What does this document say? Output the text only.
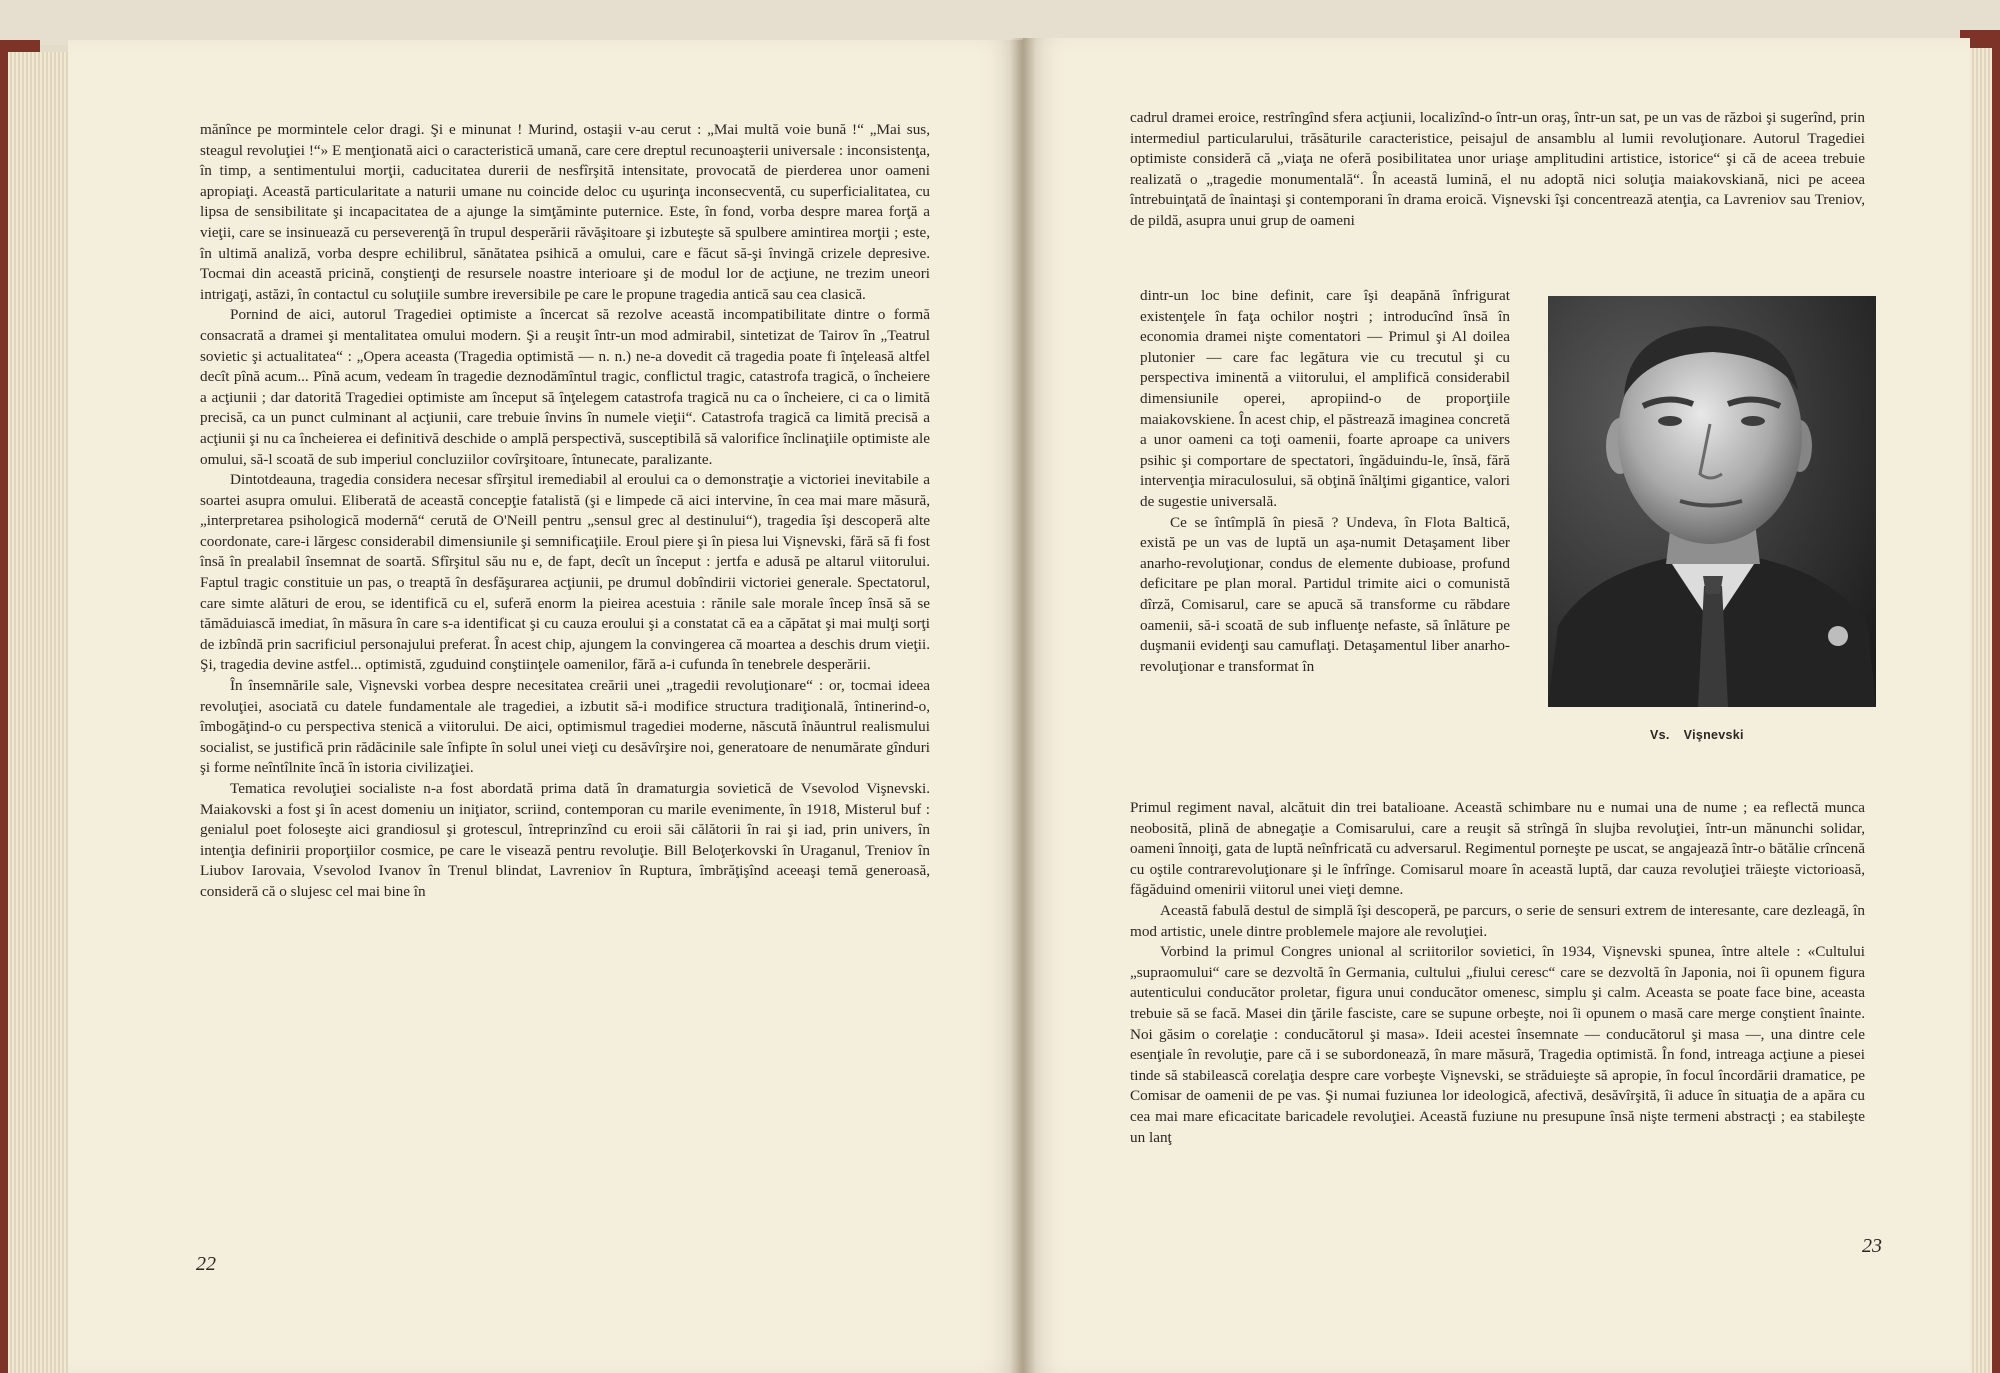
mănînce pe mormintele celor dragi. Şi e minunat ! Murind, ostaşii v-au cerut : „Mai multă voie bună !“ „Mai sus, steagul revoluţiei !“» E menţionată aici o caracteristică umană, care cere dreptul recunoaşterii universale : inconsistenţa, în timp, a sentimentului morţii, caducitatea durerii de nesfîrşită intensitate, provocată de pierderea unor oameni apropiaţi. Această particularitate a naturii umane nu coincide deloc cu uşurinţa inconsecventă, cu superficialitatea, cu lipsa de sensibilitate şi incapacitatea de a ajunge la simţăminte puternice. Este, în fond, vorba despre marea forţă a vieţii, care se insinuează cu perseverenţă în trupul desperării răvăşitoare şi izbuteşte să spulbere amintirea morţii ; este, în ultimă analiză, vorba despre echilibrul, sănătatea psihică a omului, care e făcut să-şi învingă crizele depresive. Tocmai din această pricină, conştienţi de resursele noastre interioare şi de modul lor de acţiune, ne trezim uneori intrigaţi, astăzi, în contactul cu soluţiile sumbre ireversibile pe care le propune tragedia antică sau cea clasică.

Pornind de aici, autorul Tragediei optimiste a încercat să rezolve această incompatibilitate dintre o formă consacrată a dramei şi mentalitatea omului modern. Şi a reuşit într-un mod admirabil, sintetizat de Tairov în „Teatrul sovietic şi actualitatea“ : „Opera aceasta (Tragedia optimistă — n. n.) ne-a dovedit că tragedia poate fi înţeleasă altfel decît pînă acum... Pînă acum, vedeam în tragedie deznodămîntul tragic, conflictul tragic, catastrofa tragică, o încheiere a acţiunii ; dar datorită Tragediei optimiste am început să înţelegem catastrofa tragică nu ca o încheiere, ci ca o limită precisă, ca un punct culminant al acţiunii, care trebuie învins în numele vieţii“. Catastrofa tragică ca limită precisă a acţiunii şi nu ca încheierea ei definitivă deschide o amplă perspectivă, susceptibilă să valorifice înclinaţiile optimiste ale omului, să-l scoată de sub imperiul concluziilor covîrşitoare, întunecate, paralizante.

Dintotdeauna, tragedia considera necesar sfîrşitul iremediabil al eroului ca o demonstraţie a victoriei inevitabile a soartei asupra omului. Eliberată de această concepţie fatalistă (şi e limpede că aici intervine, în cea mai mare măsură, „interpretarea psihologică modernă“ cerută de O'Neill pentru „sensul grec al destinului“), tragedia îşi descoperă alte coordonate, care-i lărgesc considerabil dimensiunile şi semnificaţiile. Eroul piere şi în piesa lui Vişnevski, fără să fi fost însă în prealabil însemnat de soartă. Sfîrşitul său nu e, de fapt, decît un început : jertfa e adusă pe altarul viitorului. Faptul tragic constituie un pas, o treaptă în desfăşurarea acţiunii, pe drumul dobîndirii victoriei generale. Spectatorul, care simte alături de erou, se identifică cu el, suferă enorm la pieirea acestuia : rănile sale morale încep însă să se tămăduiască imediat, în măsura în care s-a identificat şi cu cauza eroului şi a constatat că ea a căpătat şi mai mulţi sorţi de izbîndă prin sacrificiul personajului preferat. În acest chip, ajungem la convingerea că moartea a deschis drum vieţii. Şi, tragedia devine astfel... optimistă, zguduind conştiinţele oamenilor, fără a-i cufunda în tenebrele desperării.

În însemnările sale, Vişnevski vorbea despre necesitatea creării unei „tragedii revoluţionare“ : or, tocmai ideea revoluţiei, asociată cu datele fundamentale ale tragediei, a izbutit să-i modifice structura tradiţională, întinerind-o, îmbogăţind-o cu perspectiva stenică a viitorului. De aici, optimismul tragediei moderne, născută înăuntrul realismului socialist, se justifică prin rădăcinile sale înfipte în solul unei vieţi cu desăvîrşire noi, generatoare de nenumărate gînduri şi forme neîntîlnite încă în istoria civilizaţiei.

Tematica revoluţiei socialiste n-a fost abordată prima dată în dramaturgia sovietică de Vsevolod Vişnevski. Maiakovski a fost şi în acest domeniu un iniţiator, scriind, contemporan cu marile evenimente, în 1918, Misterul buf : genialul poet foloseşte aici grandiosul şi grotescul, întreprinzînd cu eroii săi călătorii în rai şi iad, prin univers, în intenţia definirii proporţiilor cosmice, pe care le visează pentru revoluţie. Bill Beloţerkovski în Uraganul, Treniov în Liubov Iarovaia, Vsevolod Ivanov în Trenul blindat, Lavreniov în Ruptura, îmbrăţişînd aceeaşi temă generoasă, consideră că o slujesc cel mai bine în

22

cadrul dramei eroice, restrîngînd sfera acţiunii, localizînd-o într-un oraş, într-un sat, pe un vas de război şi sugerînd, prin intermediul particularului, trăsăturile caracteristice, peisajul de ansamblu al lumii revoluţionare. Autorul Tragediei optimiste consideră că „viaţa ne oferă posibilitatea unor uriaşe amplitudini artistice, istorice“ şi că de aceea trebuie realizată o „tragedie monumentală“. În această lumină, el nu adoptă nici soluţia maiakovskiană, nici pe aceea întrebuinţată de înaintaşi şi contemporani în drama eroică. Vişnevski îşi concentrează atenţia, ca Lavreniov sau Treniov, de pildă, asupra unui grup de oameni

dintr-un loc bine definit, care îşi deapănă înfrigurat existenţele în faţa ochilor noştri ; introducînd însă în economia dramei nişte comentatori — Primul şi Al doilea plutonier — care fac legătura vie cu trecutul şi cu perspectiva iminentă a viitorului, el amplifică considerabil dimensiunile operei, apropiind-o de proporţiile maiakovskiene. În acest chip, el păstrează imaginea concretă a unor oameni ca toţi oamenii, foarte aproape ca univers psihic şi comportare de spectatori, îngăduindu-le, însă, fără intervenţia miraculosului, să obţină înălţimi gigantice, valori de sugestie universală.

Ce se întîmplă în piesă ? Undeva, în Flota Baltică, există pe un vas de luptă un aşa-numit Detaşament liber anarho-revoluţionar, condus de elemente dubioase, profund deficitare pe plan moral. Partidul trimite aici o comunistă dîrză, Comisarul, care se apucă să transforme cu răbdare oamenii, să-i scoată de sub influenţe nefaste, să înlăture pe duşmanii evidenţi sau camuflaţi. Detaşamentul liber anarho-revoluţionar e transformat în

Primul regiment naval, alcătuit din trei batalioane. Această schimbare nu e numai una de nume ; ea reflectă munca neobosită, plină de abnegaţie a Comisarului, care a reuşit să strîngă în slujba revoluţiei, într-un mănunchi solidar, oameni înnoiţi, gata de luptă neînfricată cu adversarul. Regimentul porneşte pe uscat, se angajează într-o bătălie crîncenă cu oştile contrarevoluţionare şi le înfrînge. Comisarul moare în această luptă, dar cauza revoluţiei trăieşte victorioasă, făgăduind omenirii viitorul unei vieţi demne.

Această fabulă destul de simplă îşi descoperă, pe parcurs, o serie de sensuri extrem de interesante, care dezleagă, în mod artistic, unele dintre problemele majore ale revoluţiei.

Vorbind la primul Congres unional al scriitorilor sovietici, în 1934, Vişnevski spunea, între altele : «Cultului „supraomului“ care se dezvoltă în Germania, cultului „fiului ceresc“ care se dezvoltă în Japonia, noi îi opunem figura autenticului conducător proletar, figura unui conducător omenesc, simplu şi calm. Aceasta se poate face bine, aceasta trebuie să se facă. Masei din ţările fasciste, care se supune orbeşte, noi îi opunem o masă care merge conştient înainte. Noi găsim o corelaţie : conducătorul şi masa». Ideii acestei însemnate — conducătorul şi masa —, una dintre cele esenţiale în revoluţie, pare că i se subordonează, în mare măsură, Tragedia optimistă. În fond, intreaga acţiune a piesei tinde să stabilească corelaţia despre care vorbeşte Vişnevski, se străduieşte să apropie, în focul încordării dramatice, pe Comisar de oamenii de pe vas. Şi numai fuziunea lor ideologică, afectivă, desăvîrşită, îi aduce în situaţia de a apăra cu cea mai mare eficacitate baricadele revoluţiei. Această fuziune nu presupune însă nişte termeni abstracţi ; ea stabileşte un lanţ

Vs. Vişnevski
23
